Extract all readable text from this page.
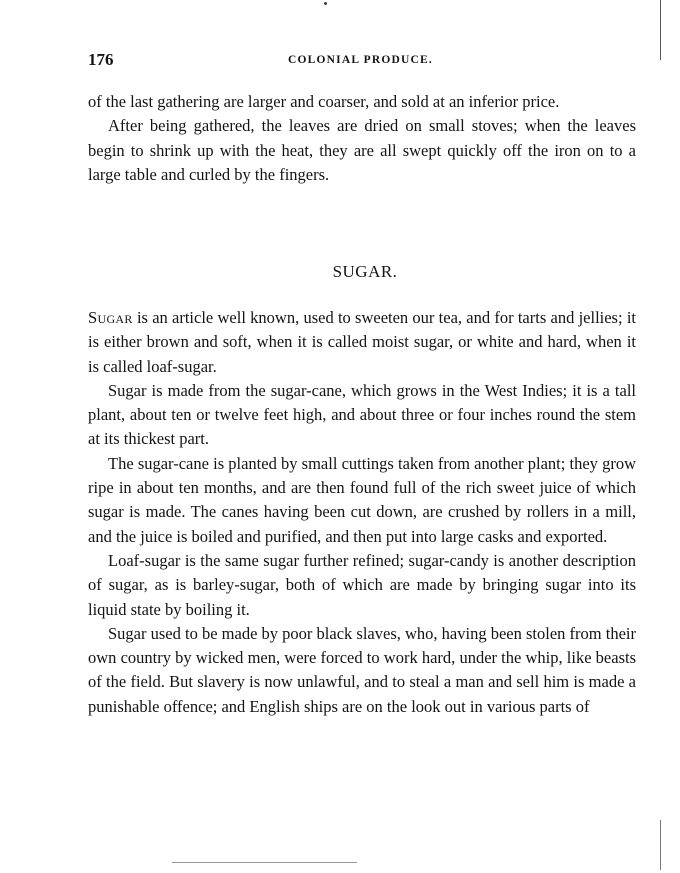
176	COLONIAL PRODUCE.

of the last gathering are larger and coarser, and sold at an inferior price.

After being gathered, the leaves are dried on small stoves; when the leaves begin to shrink up with the heat, they are all swept quickly off the iron on to a large table and curled by the fingers.

SUGAR.

Sugar is an article well known, used to sweeten our tea, and for tarts and jellies; it is either brown and soft, when it is called moist sugar, or white and hard, when it is called loaf-sugar.

Sugar is made from the sugar-cane, which grows in the West Indies; it is a tall plant, about ten or twelve feet high, and about three or four inches round the stem at its thickest part.

The sugar-cane is planted by small cuttings taken from another plant; they grow ripe in about ten months, and are then found full of the rich sweet juice of which sugar is made. The canes having been cut down, are crushed by rollers in a mill, and the juice is boiled and purified, and then put into large casks and exported.

Loaf-sugar is the same sugar further refined; sugar-candy is another description of sugar, as is barley-sugar, both of which are made by bringing sugar into its liquid state by boiling it.

Sugar used to be made by poor black slaves, who, having been stolen from their own country by wicked men, were forced to work hard, under the whip, like beasts of the field. But slavery is now unlawful, and to steal a man and sell him is made a punishable offence; and English ships are on the look out in various parts of
